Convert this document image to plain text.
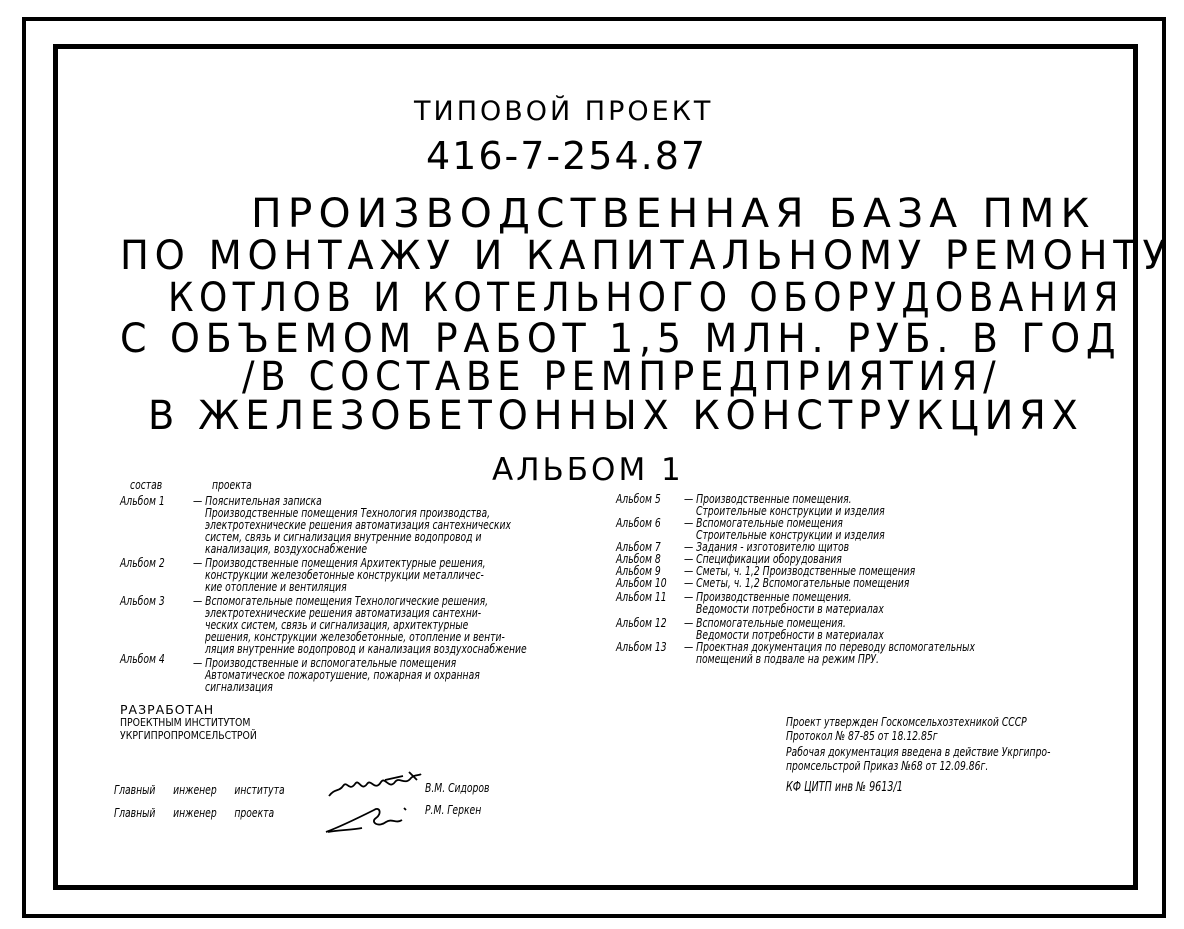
ТИПОВОЙ ПРОЕКТ
416-7-254.87
ПРОИЗВОДСТВЕННАЯ БАЗА ПМК
ПО МОНТАЖУ И КАПИТАЛЬНОМУ РЕМОНТУ
КОТЛОВ И КОТЕЛЬНОГО ОБОРУДОВАНИЯ
С ОБЪЕМОМ РАБОТ 1,5 МЛН. РУБ. В ГОД
/В СОСТАВЕ РЕМПРЕДПРИЯТИЯ/
В ЖЕЛЕЗОБЕТОННЫХ КОНСТРУКЦИЯХ
АЛЬБОМ 1
состав	проекта
Альбом 1 — Пояснительная записка
Производственные помещения Технология производства,
электротехнические решения автоматизация сантехнических
систем, связь и сигнализация внутренние водопровод и
канализация, воздухоснабжение
Альбом 2 — Производственные помещения Архитектурные решения,
конструкции железобетонные конструкции металличес-
кие отопление и вентиляция
Альбом 3 — Вспомогательные помещения Технологические решения,
электротехнические решения автоматизация сантехни-
ческих систем, связь и сигнализация, архитектурные
решения, конструкции железобетонные, отопление и венти-
ляция внутренние водопровод и канализация воздухоснабжение
Альбом 4 — Производственные и вспомогательные помещения
Автоматическое пожаротушение, пожарная и охранная
сигнализация
Альбом 5 — Производственные помещения.
Строительные конструкции и изделия
Альбом 6 — Вспомогательные помещения
Строительные конструкции и изделия
Альбом 7 — Задания - изготовителю щитов
Альбом 8 — Спецификации оборудования
Альбом 9 — Сметы, ч. 1,2 Производственные помещения
Альбом 10 — Сметы, ч. 1,2 Вспомогательные помещения
Альбом 11 — Производственные помещения.
Ведомости потребности в материалах
Альбом 12 — Вспомогательные помещения.
Ведомости потребности в материалах
Альбом 13 — Проектная документация по переводу вспомогательных
помещений в подвале на режим ПРУ.
РАЗРАБОТАН
ПРОЕКТНЫМ ИНСТИТУТОМ
УКРГИПРОПРОМСЕЛЬСТРОЙ
Проект утвержден Госкомсельхозтехникой СССР
Протокол № 87-85 от 18.12.85г
Рабочая документация введена в действие Укргипро-
промсельстрой Приказ №68 от 12.09.86г.
КФ ЦИТП инв № 9613/1
Главный инженер института	В.М. Сидоров
Главный инженер проекта	Р.М. Геркен
